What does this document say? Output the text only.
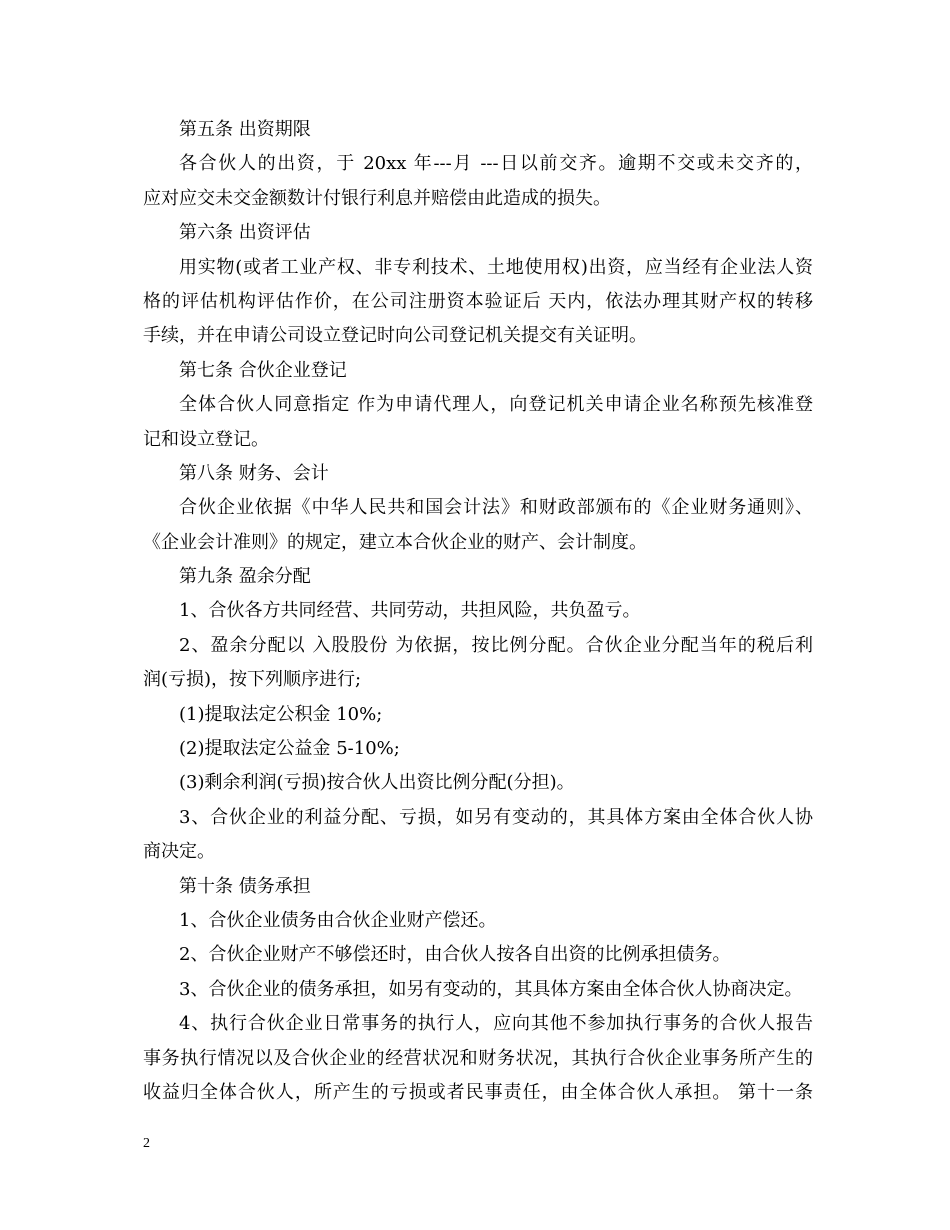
第五条 出资期限
各合伙人的出资，于 20xx 年---月 ---日以前交齐。逾期不交或未交齐的，
应对应交未交金额数计付银行利息并赔偿由此造成的损失。
第六条 出资评估
用实物(或者工业产权、非专利技术、土地使用权)出资，应当经有企业法人资
格的评估机构评估作价，在公司注册资本验证后 天内，依法办理其财产权的转移
手续，并在申请公司设立登记时向公司登记机关提交有关证明。
第七条 合伙企业登记
全体合伙人同意指定 作为申请代理人，向登记机关申请企业名称预先核准登
记和设立登记。
第八条 财务、会计
合伙企业依据《中华人民共和国会计法》和财政部颁布的《企业财务通则》、
《企业会计准则》的规定，建立本合伙企业的财产、会计制度。
第九条 盈余分配
1、合伙各方共同经营、共同劳动，共担风险，共负盈亏。
2、盈余分配以 入股股份 为依据，按比例分配。合伙企业分配当年的税后利
润(亏损)，按下列顺序进行;
(1)提取法定公积金 10%;
(2)提取法定公益金 5-10%;
(3)剩余利润(亏损)按合伙人出资比例分配(分担)。
3、合伙企业的利益分配、亏损，如另有变动的，其具体方案由全体合伙人协
商决定。
第十条 债务承担
1、合伙企业债务由合伙企业财产偿还。
2、合伙企业财产不够偿还时，由合伙人按各自出资的比例承担债务。
3、合伙企业的债务承担，如另有变动的，其具体方案由全体合伙人协商决定。
4、执行合伙企业日常事务的执行人，应向其他不参加执行事务的合伙人报告
事务执行情况以及合伙企业的经营状况和财务状况，其执行合伙企业事务所产生的
收益归全体合伙人，所产生的亏损或者民事责任，由全体合伙人承担。 第十一条
2
